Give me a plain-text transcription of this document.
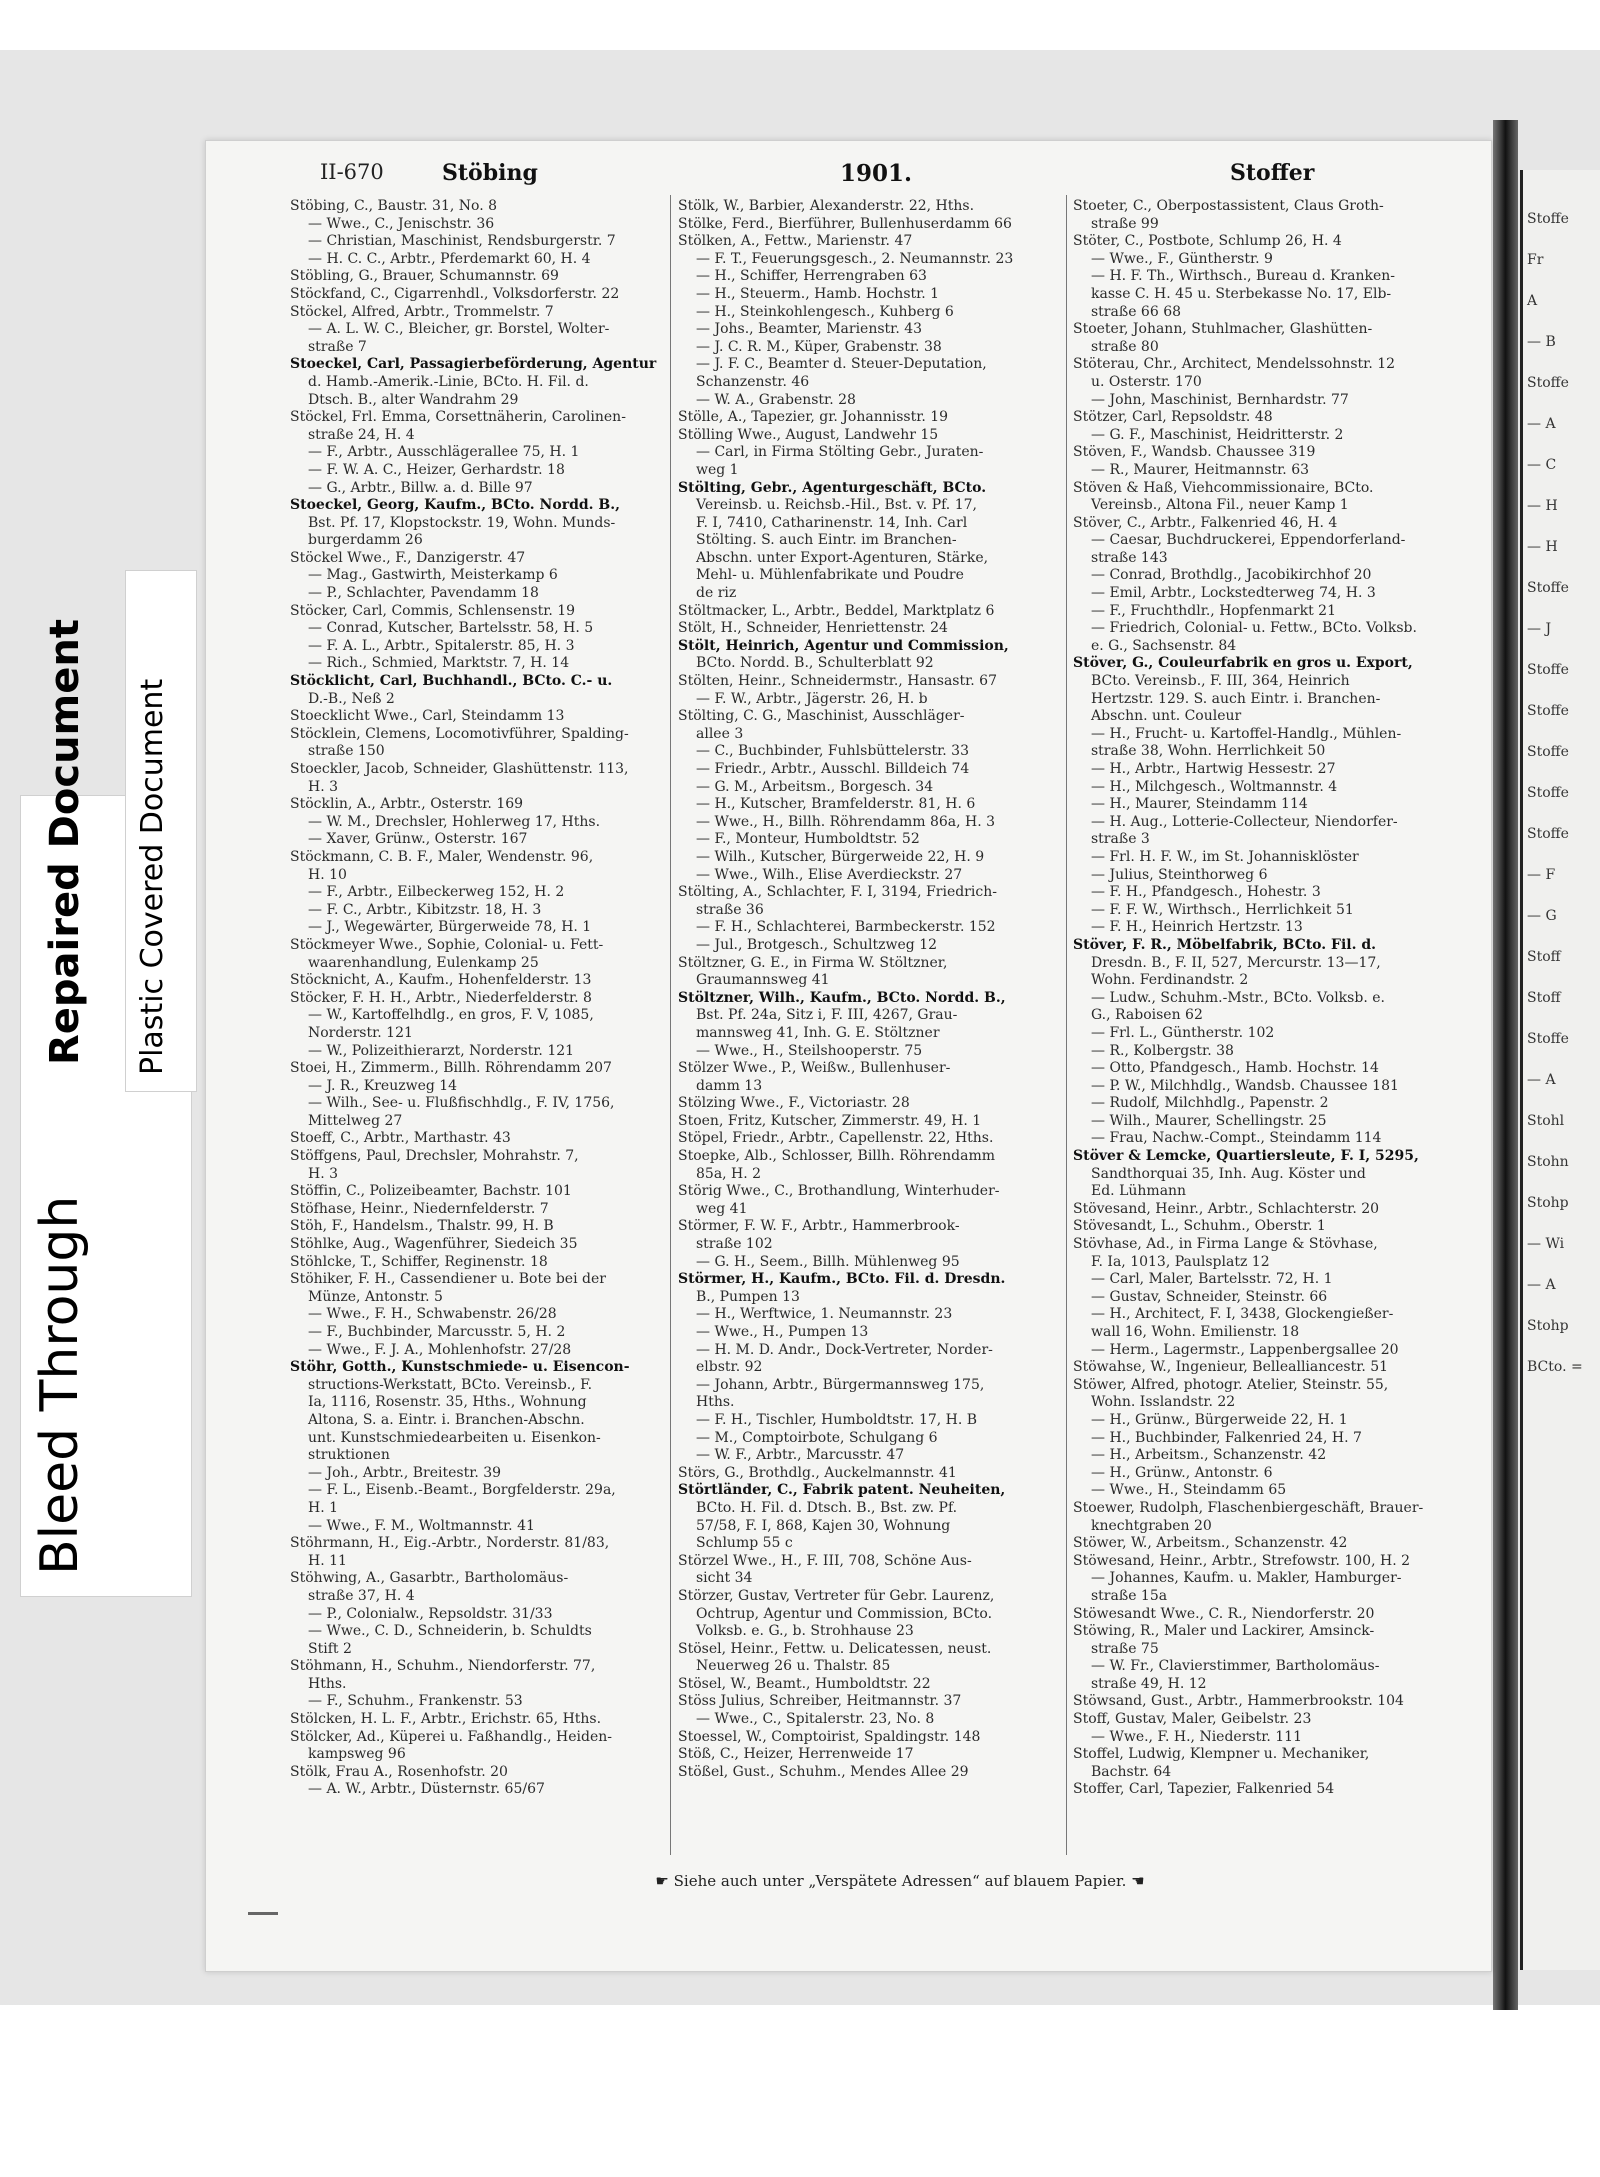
Stoffe
Fr
A
— B
Stoffe
— A
— C
— H
— H
Stoffe
— J
Stoffe
Stoffe
Stoffe
Stoffe
Stoffe
— F
— G
Stoff
Stoff
Stoffe
— A
Stohl
Stohn
Stohp
— Wi
— A
Stohp
BCto. =
II-670	Stöbing	1901.	Stoffer
Stöbing, C., Baustr. 31, No. 8
— Wwe., C., Jenischstr. 36
— Christian, Maschinist, Rendsburgerstr. 7
— H. C. C., Arbtr., Pferdemarkt 60, H. 4
Stöbling, G., Brauer, Schumannstr. 69
Stöckfand, C., Cigarrenhdl., Volksdorferstr. 22
Stöckel, Alfred, Arbtr., Trommelstr. 7
— A. L. W. C., Bleicher, gr. Borstel, Wolter-
straße 7
Stoeckel, Carl, Passagierbeförderung, Agentur
d. Hamb.-Amerik.-Linie, BCto. H. Fil. d.
Dtsch. B., alter Wandrahm 29
Stöckel, Frl. Emma, Corsettnäherin, Carolinen-
straße 24, H. 4
— F., Arbtr., Ausschlägerallee 75, H. 1
— F. W. A. C., Heizer, Gerhardstr. 18
— G., Arbtr., Billw. a. d. Bille 97
Stoeckel, Georg, Kaufm., BCto. Nordd. B.,
Bst. Pf. 17, Klopstockstr. 19, Wohn. Munds-
burgerdamm 26
Stöckel Wwe., F., Danzigerstr. 47
— Mag., Gastwirth, Meisterkamp 6
— P., Schlachter, Pavendamm 18
Stöcker, Carl, Commis, Schlensenstr. 19
— Conrad, Kutscher, Bartelsstr. 58, H. 5
— F. A. L., Arbtr., Spitalerstr. 85, H. 3
— Rich., Schmied, Marktstr. 7, H. 14
Stöcklicht, Carl, Buchhandl., BCto. C.- u.
D.-B., Neß 2
Stoecklicht Wwe., Carl, Steindamm 13
Stöcklein, Clemens, Locomotivführer, Spalding-
straße 150
Stoeckler, Jacob, Schneider, Glashüttenstr. 113,
H. 3
Stöcklin, A., Arbtr., Osterstr. 169
— W. M., Drechsler, Hohlerweg 17, Hths.
— Xaver, Grünw., Osterstr. 167
Stöckmann, C. B. F., Maler, Wendenstr. 96,
H. 10
— F., Arbtr., Eilbeckerweg 152, H. 2
— F. C., Arbtr., Kibitzstr. 18, H. 3
— J., Wegewärter, Bürgerweide 78, H. 1
Stöckmeyer Wwe., Sophie, Colonial- u. Fett-
waarenhandlung, Eulenkamp 25
Stöcknicht, A., Kaufm., Hohenfelderstr. 13
Stöcker, F. H. H., Arbtr., Niederfelderstr. 8
— W., Kartoffelhdlg., en gros, F. V, 1085,
Norderstr. 121
— W., Polizeithierarzt, Norderstr. 121
Stoei, H., Zimmerm., Billh. Röhrendamm 207
— J. R., Kreuzweg 14
— Wilh., See- u. Flußfischhdlg., F. IV, 1756,
Mittelweg 27
Stoeff, C., Arbtr., Marthastr. 43
Stöffgens, Paul, Drechsler, Mohrahstr. 7,
H. 3
Stöffin, C., Polizeibeamter, Bachstr. 101
Stöfhase, Heinr., Niedernfelderstr. 7
Stöh, F., Handelsm., Thalstr. 99, H. B
Stöhlke, Aug., Wagenführer, Siedeich 35
Stöhlcke, T., Schiffer, Reginenstr. 18
Stöhiker, F. H., Cassendiener u. Bote bei der
Münze, Antonstr. 5
— Wwe., F. H., Schwabenstr. 26/28
— F., Buchbinder, Marcusstr. 5, H. 2
— Wwe., F. J. A., Mohlenhofstr. 27/28
Stöhr, Gotth., Kunstschmiede- u. Eisencon-
structions-Werkstatt, BCto. Vereinsb., F.
Ia, 1116, Rosenstr. 35, Hths., Wohnung
Altona, S. a. Eintr. i. Branchen-Abschn.
unt. Kunstschmiedearbeiten u. Eisenkon-
struktionen
— Joh., Arbtr., Breitestr. 39
— F. L., Eisenb.-Beamt., Borgfelderstr. 29a,
H. 1
— Wwe., F. M., Woltmannstr. 41
Stöhrmann, H., Eig.-Arbtr., Norderstr. 81/83,
H. 11
Stöhwing, A., Gasarbtr., Bartholomäus-
straße 37, H. 4
— P., Colonialw., Repsoldstr. 31/33
— Wwe., C. D., Schneiderin, b. Schuldts
Stift 2
Stöhmann, H., Schuhm., Niendorferstr. 77,
Hths.
— F., Schuhm., Frankenstr. 53
Stölcken, H. L. F., Arbtr., Erichstr. 65, Hths.
Stölcker, Ad., Küperei u. Faßhandlg., Heiden-
kampsweg 96
Stölk, Frau A., Rosenhofstr. 20
— A. W., Arbtr., Düsternstr. 65/67
Stölk, W., Barbier, Alexanderstr. 22, Hths.
Stölke, Ferd., Bierführer, Bullenhuserdamm 66
Stölken, A., Fettw., Marienstr. 47
— F. T., Feuerungsgesch., 2. Neumannstr. 23
— H., Schiffer, Herrengraben 63
— H., Steuerm., Hamb. Hochstr. 1
— H., Steinkohlengesch., Kuhberg 6
— Johs., Beamter, Marienstr. 43
— J. C. R. M., Küper, Grabenstr. 38
— J. F. C., Beamter d. Steuer-Deputation,
Schanzenstr. 46
— W. A., Grabenstr. 28
Stölle, A., Tapezier, gr. Johannisstr. 19
Stölling Wwe., August, Landwehr 15
— Carl, in Firma Stölting Gebr., Juraten-
weg 1
Stölting, Gebr., Agenturgeschäft, BCto.
Vereinsb. u. Reichsb.-Hil., Bst. v. Pf. 17,
F. I, 7410, Catharinenstr. 14, Inh. Carl
Stölting. S. auch Eintr. im Branchen-
Abschn. unter Export-Agenturen, Stärke,
Mehl- u. Mühlenfabrikate und Poudre
de riz
Stöltmacker, L., Arbtr., Beddel, Marktplatz 6
Stölt, H., Schneider, Henriettenstr. 24
Stölt, Heinrich, Agentur und Commission,
BCto. Nordd. B., Schulterblatt 92
Stölten, Heinr., Schneidermstr., Hansastr. 67
— F. W., Arbtr., Jägerstr. 26, H. b
Stölting, C. G., Maschinist, Ausschläger-
allee 3
— C., Buchbinder, Fuhlsbüttelerstr. 33
— Friedr., Arbtr., Ausschl. Billdeich 74
— G. M., Arbeitsm., Borgesch. 34
— H., Kutscher, Bramfelderstr. 81, H. 6
— Wwe., H., Billh. Röhrendamm 86a, H. 3
— F., Monteur, Humboldtstr. 52
— Wilh., Kutscher, Bürgerweide 22, H. 9
— Wwe., Wilh., Elise Averdieckstr. 27
Stölting, A., Schlachter, F. I, 3194, Friedrich-
straße 36
— F. H., Schlachterei, Barmbeckerstr. 152
— Jul., Brotgesch., Schultzweg 12
Stöltzner, G. E., in Firma W. Stöltzner,
Graumannsweg 41
Stöltzner, Wilh., Kaufm., BCto. Nordd. B.,
Bst. Pf. 24a, Sitz i, F. III, 4267, Grau-
mannsweg 41, Inh. G. E. Stöltzner
— Wwe., H., Steilshooperstr. 75
Stölzer Wwe., P., Weißw., Bullenhuser-
damm 13
Stölzing Wwe., F., Victoriastr. 28
Stoen, Fritz, Kutscher, Zimmerstr. 49, H. 1
Stöpel, Friedr., Arbtr., Capellenstr. 22, Hths.
Stoepke, Alb., Schlosser, Billh. Röhrendamm
85a, H. 2
Störig Wwe., C., Brothandlung, Winterhuder-
weg 41
Störmer, F. W. F., Arbtr., Hammerbrook-
straße 102
— G. H., Seem., Billh. Mühlenweg 95
Störmer, H., Kaufm., BCto. Fil. d. Dresdn.
B., Pumpen 13
— H., Werftwice, 1. Neumannstr. 23
— Wwe., H., Pumpen 13
— H. M. D. Andr., Dock-Vertreter, Norder-
elbstr. 92
— Johann, Arbtr., Bürgermannsweg 175,
Hths.
— F. H., Tischler, Humboldtstr. 17, H. B
— M., Comptoirbote, Schulgang 6
— W. F., Arbtr., Marcusstr. 47
Störs, G., Brothdlg., Auckelmannstr. 41
Störtländer, C., Fabrik patent. Neuheiten,
BCto. H. Fil. d. Dtsch. B., Bst. zw. Pf.
57/58, F. I, 868, Kajen 30, Wohnung
Schlump 55 c
Störzel Wwe., H., F. III, 708, Schöne Aus-
sicht 34
Störzer, Gustav, Vertreter für Gebr. Laurenz,
Ochtrup, Agentur und Commission, BCto.
Volksb. e. G., b. Strohhause 23
Stösel, Heinr., Fettw. u. Delicatessen, neust.
Neuerweg 26 u. Thalstr. 85
Stösel, W., Beamt., Humboldtstr. 22
Stöss Julius, Schreiber, Heitmannstr. 37
— Wwe., C., Spitalerstr. 23, No. 8
Stoessel, W., Comptoirist, Spaldingstr. 148
Stöß, C., Heizer, Herrenweide 17
Stößel, Gust., Schuhm., Mendes Allee 29
Stoeter, C., Oberpostassistent, Claus Groth-
straße 99
Stöter, C., Postbote, Schlump 26, H. 4
— Wwe., F., Güntherstr. 9
— H. F. Th., Wirthsch., Bureau d. Kranken-
kasse C. H. 45 u. Sterbekasse No. 17, Elb-
straße 66 68
Stoeter, Johann, Stuhlmacher, Glashütten-
straße 80
Stöterau, Chr., Architect, Mendelssohnstr. 12
u. Osterstr. 170
— John, Maschinist, Bernhardstr. 77
Stötzer, Carl, Repsoldstr. 48
— G. F., Maschinist, Heidritterstr. 2
Stöven, F., Wandsb. Chaussee 319
— R., Maurer, Heitmannstr. 63
Stöven & Haß, Viehcommissionaire, BCto.
Vereinsb., Altona Fil., neuer Kamp 1
Stöver, C., Arbtr., Falkenried 46, H. 4
— Caesar, Buchdruckerei, Eppendorferland-
straße 143
— Conrad, Brothdlg., Jacobikirchhof 20
— Emil, Arbtr., Lockstedterweg 74, H. 3
— F., Fruchthdlr., Hopfenmarkt 21
— Friedrich, Colonial- u. Fettw., BCto. Volksb.
e. G., Sachsenstr. 84
Stöver, G., Couleurfabrik en gros u. Export,
BCto. Vereinsb., F. III, 364, Heinrich
Hertzstr. 129. S. auch Eintr. i. Branchen-
Abschn. unt. Couleur
— H., Frucht- u. Kartoffel-Handlg., Mühlen-
straße 38, Wohn. Herrlichkeit 50
— H., Arbtr., Hartwig Hessestr. 27
— H., Milchgesch., Woltmannstr. 4
— H., Maurer, Steindamm 114
— H. Aug., Lotterie-Collecteur, Niendorfer-
straße 3
— Frl. H. F. W., im St. Johannisklöster
— Julius, Steinthorweg 6
— F. H., Pfandgesch., Hohestr. 3
— F. F. W., Wirthsch., Herrlichkeit 51
— F. H., Heinrich Hertzstr. 13
Stöver, F. R., Möbelfabrik, BCto. Fil. d.
Dresdn. B., F. II, 527, Mercurstr. 13—17,
Wohn. Ferdinandstr. 2
— Ludw., Schuhm.-Mstr., BCto. Volksb. e.
G., Raboisen 62
— Frl. L., Güntherstr. 102
— R., Kolbergstr. 38
— Otto, Pfandgesch., Hamb. Hochstr. 14
— P. W., Milchhdlg., Wandsb. Chaussee 181
— Rudolf, Milchhdlg., Papenstr. 2
— Wilh., Maurer, Schellingstr. 25
— Frau, Nachw.-Compt., Steindamm 114
Stöver & Lemcke, Quartiersleute, F. I, 5295,
Sandthorquai 35, Inh. Aug. Köster und
Ed. Lühmann
Stövesand, Heinr., Arbtr., Schlachterstr. 20
Stövesandt, L., Schuhm., Oberstr. 1
Stövhase, Ad., in Firma Lange & Stövhase,
F. Ia, 1013, Paulsplatz 12
— Carl, Maler, Bartelsstr. 72, H. 1
— Gustav, Schneider, Steinstr. 66
— H., Architect, F. I, 3438, Glockengießer-
wall 16, Wohn. Emilienstr. 18
— Herm., Lagermstr., Lappenbergsallee 20
Stöwahse, W., Ingenieur, Bellealliancestr. 51
Stöwer, Alfred, photogr. Atelier, Steinstr. 55,
Wohn. Isslandstr. 22
— H., Grünw., Bürgerweide 22, H. 1
— H., Buchbinder, Falkenried 24, H. 7
— H., Arbeitsm., Schanzenstr. 42
— H., Grünw., Antonstr. 6
— Wwe., H., Steindamm 65
Stoewer, Rudolph, Flaschenbiergeschäft, Brauer-
knechtgraben 20
Stöwer, W., Arbeitsm., Schanzenstr. 42
Stöwesand, Heinr., Arbtr., Strefowstr. 100, H. 2
— Johannes, Kaufm. u. Makler, Hamburger-
straße 15a
Stöwesandt Wwe., C. R., Niendorferstr. 20
Stöwing, R., Maler und Lackirer, Amsinck-
straße 75
— W. Fr., Clavierstimmer, Bartholomäus-
straße 49, H. 12
Stöwsand, Gust., Arbtr., Hammerbrookstr. 104
Stoff, Gustav, Maler, Geibelstr. 23
— Wwe., F. H., Niederstr. 111
Stoffel, Ludwig, Klempner u. Mechaniker,
Bachstr. 64
Stoffer, Carl, Tapezier, Falkenried 54
☛ Siehe auch unter „Verspätete Adressen“ auf blauem Papier. ☚
Bleed Through
Repaired Document Plastic Covered Document
